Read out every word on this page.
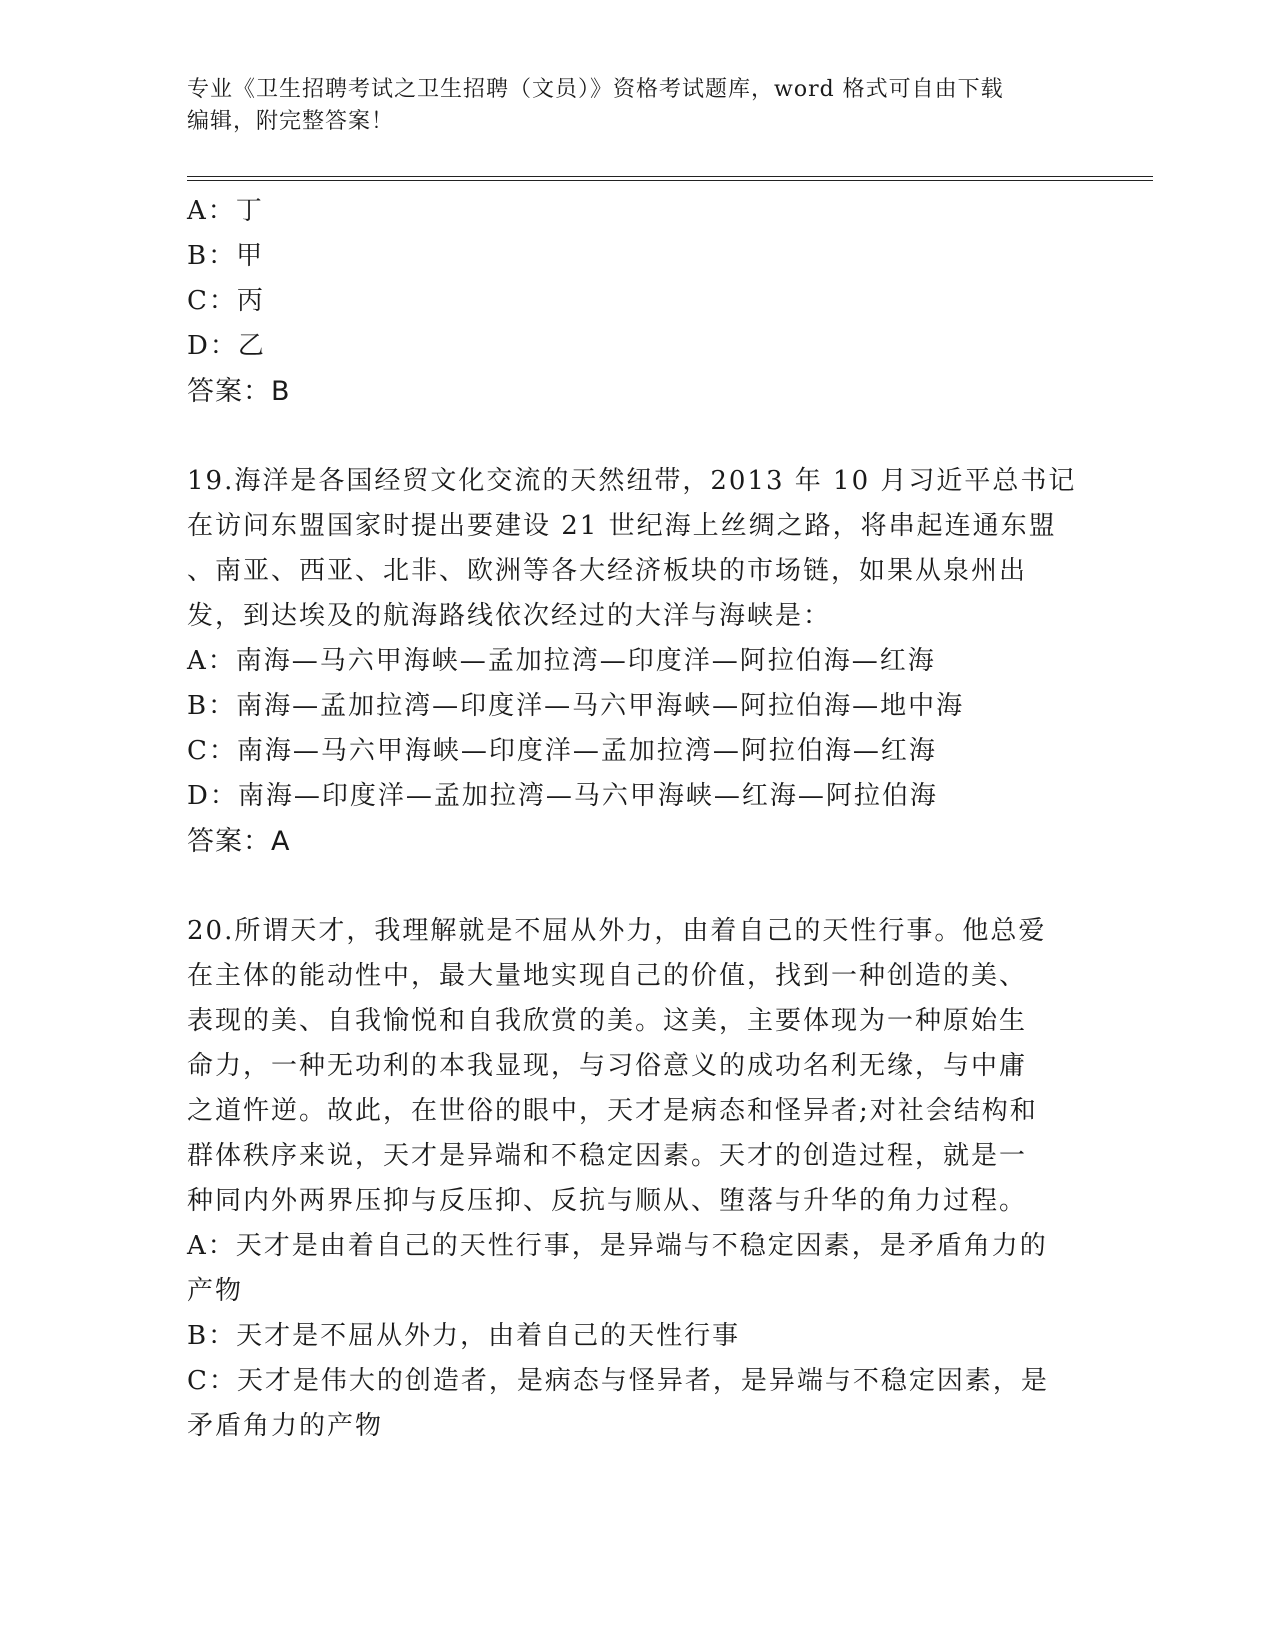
专业《卫生招聘考试之卫生招聘（文员）》资格考试题库，word 格式可自由下载
编辑，附完整答案！
A：丁
B：甲
C：丙
D：乙
答案：B
19.海洋是各国经贸文化交流的天然纽带，2013 年 10 月习近平总书记
在访问东盟国家时提出要建设 21 世纪海上丝绸之路，将串起连通东盟
、南亚、西亚、北非、欧洲等各大经济板块的市场链，如果从泉州出
发，到达埃及的航海路线依次经过的大洋与海峡是：
A：南海—马六甲海峡—孟加拉湾—印度洋—阿拉伯海—红海
B：南海—孟加拉湾—印度洋—马六甲海峡—阿拉伯海—地中海
C：南海—马六甲海峡—印度洋—孟加拉湾—阿拉伯海—红海
D：南海—印度洋—孟加拉湾—马六甲海峡—红海—阿拉伯海
答案：A
20.所谓天才，我理解就是不屈从外力，由着自己的天性行事。他总爱
在主体的能动性中，最大量地实现自己的价值，找到一种创造的美、
表现的美、自我愉悦和自我欣赏的美。这美，主要体现为一种原始生
命力，一种无功利的本我显现，与习俗意义的成功名利无缘，与中庸
之道忤逆。故此，在世俗的眼中，天才是病态和怪异者;对社会结构和
群体秩序来说，天才是异端和不稳定因素。天才的创造过程，就是一
种同内外两界压抑与反压抑、反抗与顺从、堕落与升华的角力过程。
A：天才是由着自己的天性行事，是异端与不稳定因素，是矛盾角力的
产物
B：天才是不屈从外力，由着自己的天性行事
C：天才是伟大的创造者，是病态与怪异者，是异端与不稳定因素，是
矛盾角力的产物
